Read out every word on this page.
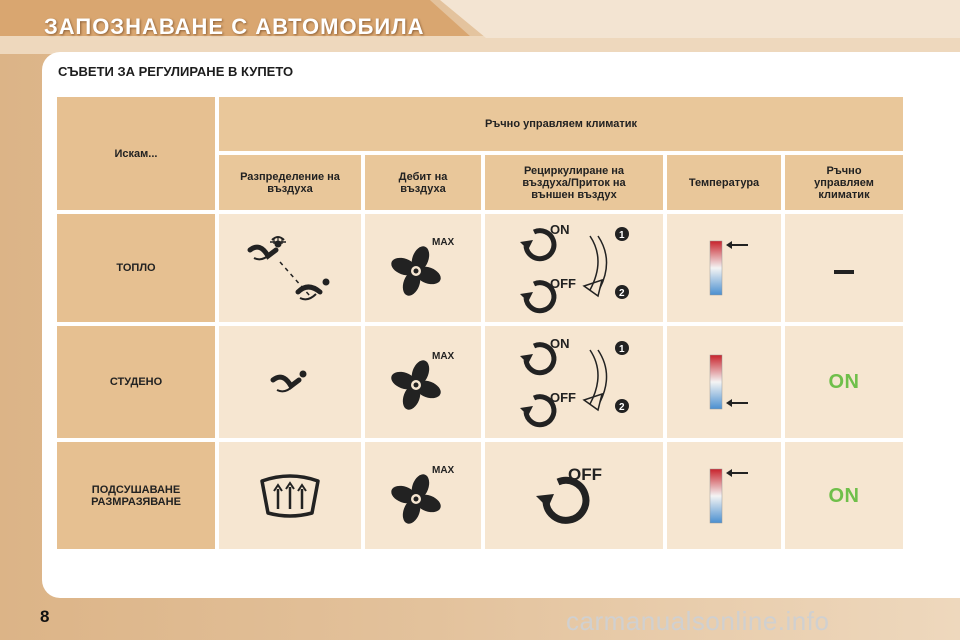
ЗАПОЗНАВАНЕ С АВТОМОБИЛА
СЪВЕТИ ЗА РЕГУЛИРАНЕ В КУПЕТО
Искам...
Ръчно управляем климатик
Разпределение на въздуха
Дебит на въздуха
Рециркулиране на въздуха/Приток на външен въздух
Температура
Ръчно управляем климатик
ТОПЛО
MAX
ON
OFF
1
2
СТУДЕНО
MAX
ON
OFF
1
2
ON
ПОДСУШАВАНЕ РАЗМРАЗЯВАНЕ
MAX	OFF
ON
8	carmanualsonline.info
